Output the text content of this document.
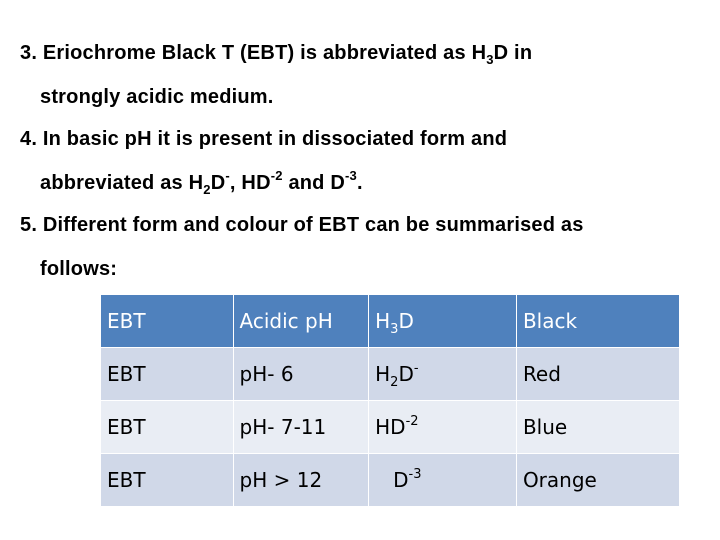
3. Eriochrome Black T (EBT) is abbreviated as $H_3D$ in
strongly acidic medium.
4. In basic pH it is present in dissociated form and
abbreviated as $H_2D^-$, $HD^{-2}$ and $D^{-3}$.
5. Different form and colour of EBT can be summarised as
follows:
EBT	Acidic pH	$H_3D$	Black
EBT	pH- 6	$H_2D^-$	Red
EBT	pH- 7-11	$HD^{-2}$	Blue
EBT	pH > 12	$D^{-3}$	Orange
